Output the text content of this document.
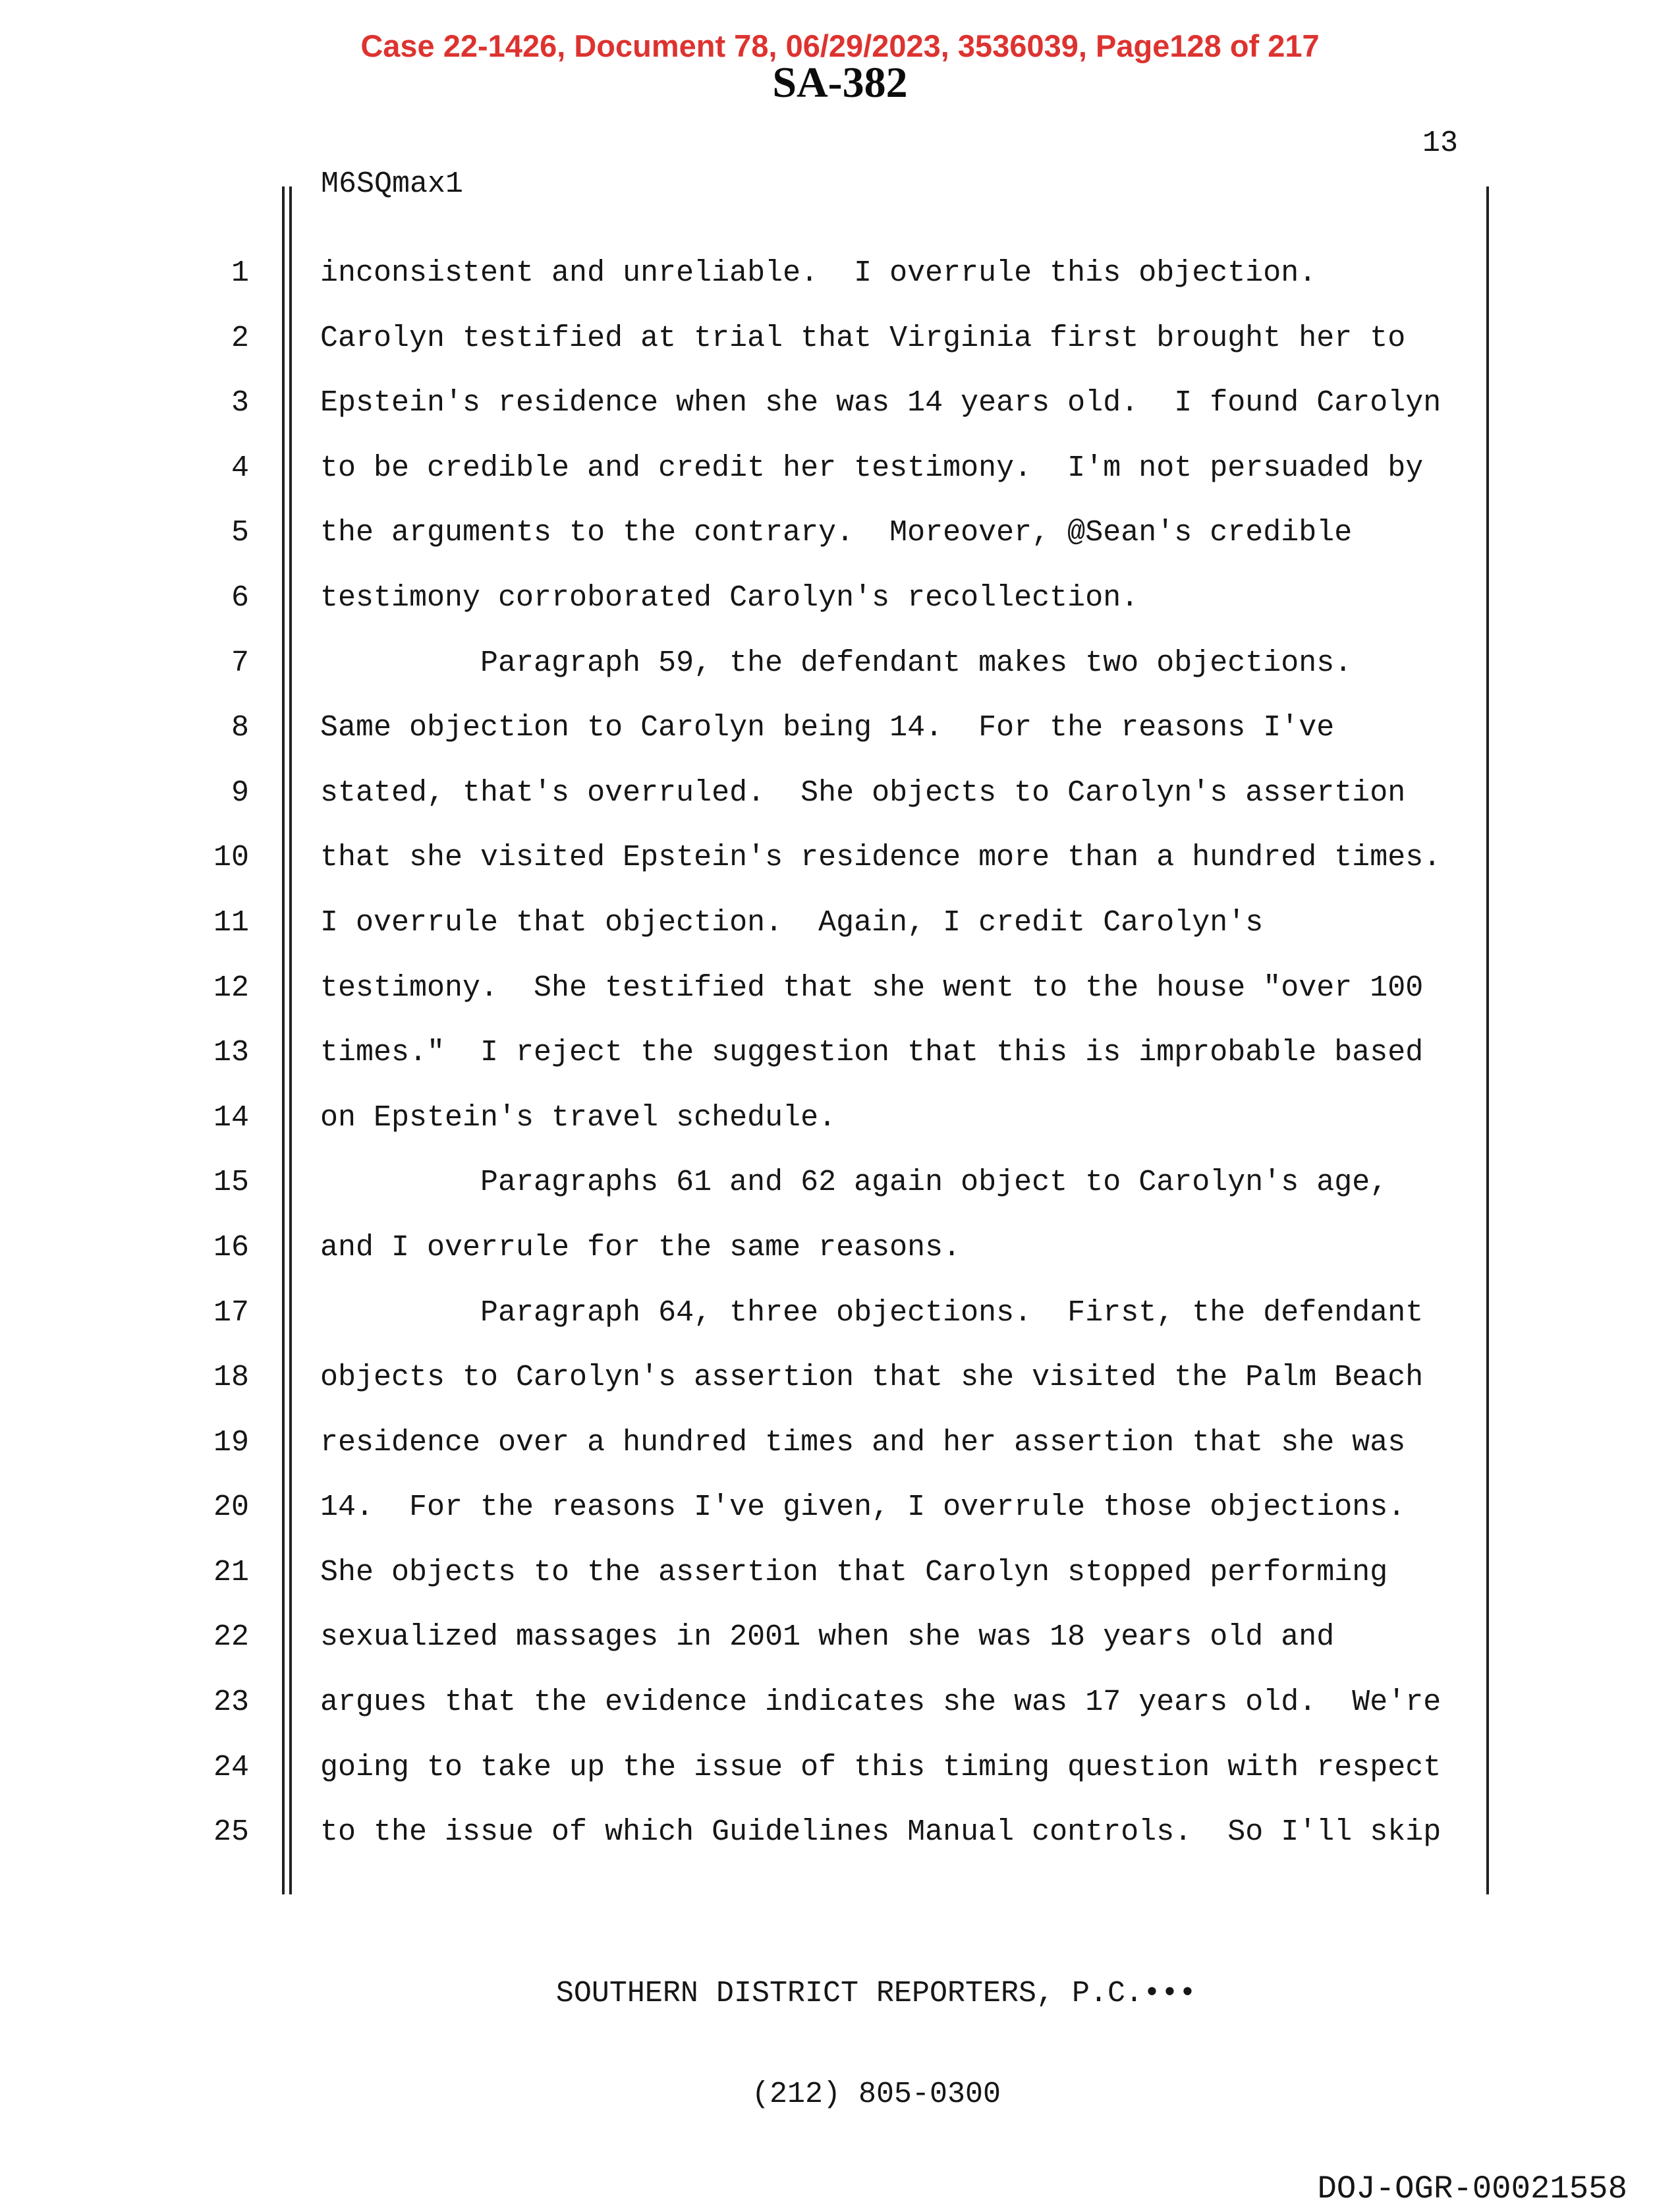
Case 22-1426, Document 78, 06/29/2023, 3536039, Page128 of 217
SA-382
13
M6SQmax1
1 inconsistent and unreliable.  I overrule this objection.
2 Carolyn testified at trial that Virginia first brought her to
3 Epstein's residence when she was 14 years old.  I found Carolyn
4 to be credible and credit her testimony.  I'm not persuaded by
5 the arguments to the contrary.  Moreover, @Sean's credible
6 testimony corroborated Carolyn's recollection.
7 Paragraph 59, the defendant makes two objections.
8 Same objection to Carolyn being 14.  For the reasons I've
9 stated, that's overruled.  She objects to Carolyn's assertion
10 that she visited Epstein's residence more than a hundred times.
11 I overrule that objection.  Again, I credit Carolyn's
12 testimony.  She testified that she went to the house "over 100
13 times."  I reject the suggestion that this is improbable based
14 on Epstein's travel schedule.
15 Paragraphs 61 and 62 again object to Carolyn's age,
16 and I overrule for the same reasons.
17 Paragraph 64, three objections.  First, the defendant
18 objects to Carolyn's assertion that she visited the Palm Beach
19 residence over a hundred times and her assertion that she was
20 14.  For the reasons I've given, I overrule those objections.
21 She objects to the assertion that Carolyn stopped performing
22 sexualized massages in 2001 when she was 18 years old and
23 argues that the evidence indicates she was 17 years old.  We're
24 going to take up the issue of this timing question with respect
25 to the issue of which Guidelines Manual controls.  So I'll skip

SOUTHERN DISTRICT REPORTERS, P.C.•••

(212) 805-0300

DOJ-OGR-00021558
